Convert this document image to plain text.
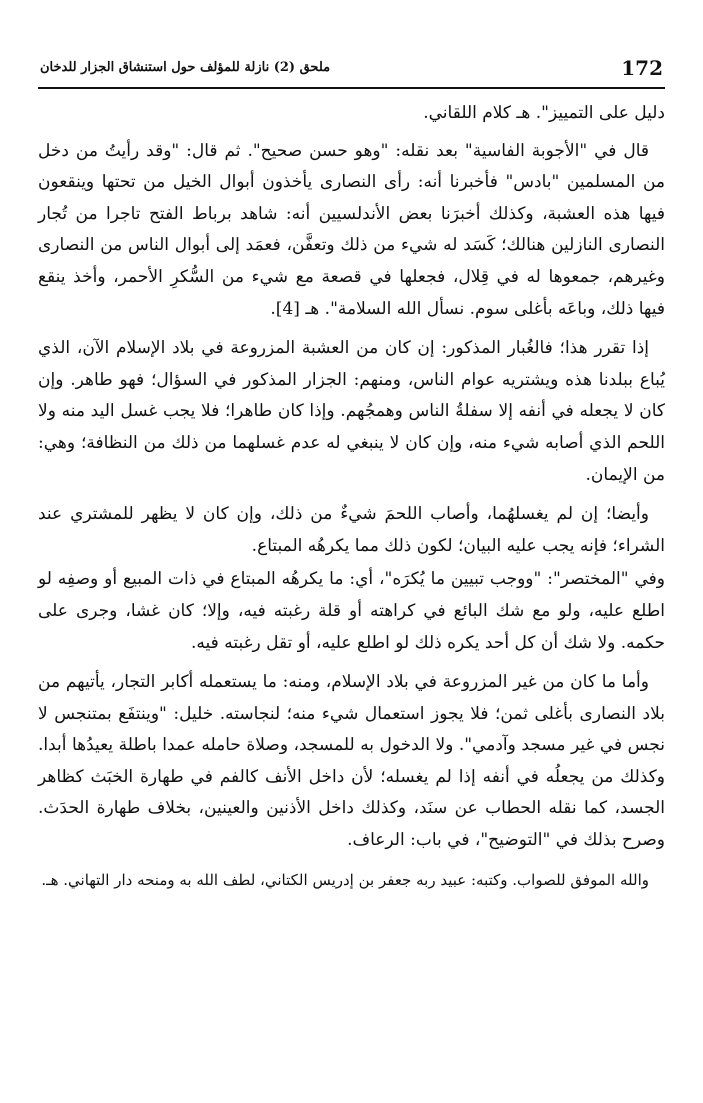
172
ملحق (2) نازلة للمؤلف حول استنشاق الجزار للدخان

دليل على التمييز". هـ كلام اللقاني.

قال في "الأجوبة الفاسية" بعد نقله: "وهو حسن صحيح". ثم قال: "وقد رأيتُ من دخل من المسلمين "بادس" فأخبرنا أنه: رأى النصارى يأخذون أبوال الخيل من تحتها وينقعون فيها هذه العشبة، وكذلك أخبرَنا بعض الأندلسيين أنه: شاهد برباط الفتح تاجرا من تُجار النصارى النازلين هنالك؛ كَسَد له شيء من ذلك وتعفَّن، فعمَد إلى أبوال الناس من النصارى وغيرهم، جمعوها له في قِلال، فجعلها في قصعة مع شيء من السُّكرِ الأحمر، وأخذ ينقع فيها ذلك، وباعَه بأغلى سوم. نسأل الله السلامة". هـ [4].

إذا تقرر هذا؛ فالغُبار المذكور: إن كان من العشبة المزروعة في بلاد الإسلام الآن، الذي يُباع ببلدنا هذه ويشتريه عوام الناس، ومنهم: الجزار المذكور في السؤال؛ فهو طاهر. وإن كان لا يجعله في أنفه إلا سفلةُ الناس وهمجُهم. وإذا كان طاهرا؛ فلا يجب غسل اليد منه ولا اللحم الذي أصابه شيء منه، وإن كان لا ينبغي له عدم غسلهما من ذلك من النظافة؛ وهي: من الإيمان.

وأيضا؛ إن لم يغسلهُما، وأصاب اللحمَ شيءٌ من ذلك، وإن كان لا يظهر للمشتري عند الشراء؛ فإنه يجب عليه البيان؛ لكون ذلك مما يكرهُه المبتاع.

وفي "المختصر": "ووجب تبيين ما يُكرَه"، أي: ما يكرهُه المبتاع في ذات المبيع أو وصفِه لو اطلع عليه، ولو مع شك البائع في كراهته أو قلة رغبته فيه، وإلا؛ كان غشا، وجرى على حكمه. ولا شك أن كل أحد يكره ذلك لو اطلع عليه، أو تقل رغبته فيه.

وأما ما كان من غير المزروعة في بلاد الإسلام، ومنه: ما يستعمله أكابر التجار، يأتيهم من بلاد النصارى بأغلى ثمن؛ فلا يجوز استعمال شيء منه؛ لنجاسته. خليل: "وينتفَع بمتنجس لا نجس في غير مسجد وآدمي". ولا الدخول به للمسجد، وصلاة حامله عمدا باطلة يعيدُها أبدا. وكذلك من يجعلُه في أنفه إذا لم يغسله؛ لأن داخل الأنف كالفم في طهارة الخبَث كظاهر الجسد، كما نقله الحطاب عن سنَد، وكذلك داخل الأذنين والعينين، بخلاف طهارة الحدَث. وصرح بذلك في "التوضيح"، في باب: الرعاف.

والله الموفق للصواب. وكتبه: عبيد ربه جعفر بن إدريس الكتاني، لطف الله به ومنحه دار التهاني. هـ.
